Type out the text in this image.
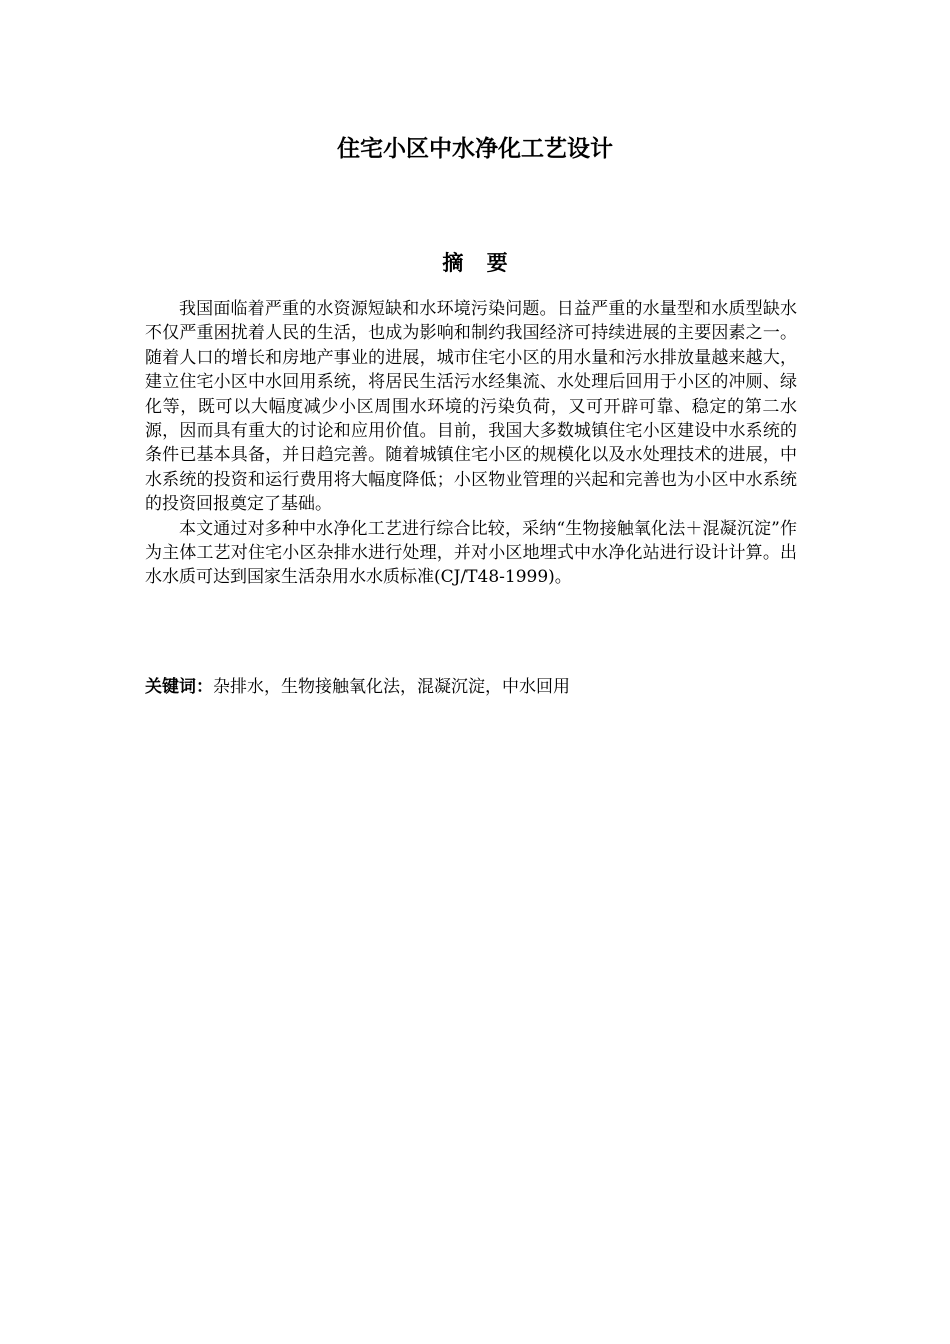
住宅小区中水净化工艺设计
摘 要

我国面临着严重的水资源短缺和水环境污染问题。日益严重的水量型和水质型缺水不仅严重困扰着人民的生活，也成为影响和制约我国经济可持续进展的主要因素之一。随着人口的增长和房地产事业的进展，城市住宅小区的用水量和污水排放量越来越大，建立住宅小区中水回用系统，将居民生活污水经集流、水处理后回用于小区的冲厕、绿化等，既可以大幅度减少小区周围水环境的污染负荷，又可开辟可靠、稳定的第二水源，因而具有重大的讨论和应用价值。目前，我国大多数城镇住宅小区建设中水系统的条件已基本具备，并日趋完善。随着城镇住宅小区的规模化以及水处理技术的进展，中水系统的投资和运行费用将大幅度降低；小区物业管理的兴起和完善也为小区中水系统的投资回报奠定了基础。

本文通过对多种中水净化工艺进行综合比较，采纳“生物接触氧化法＋混凝沉淀”作为主体工艺对住宅小区杂排水进行处理，并对小区地埋式中水净化站进行设计计算。出水水质可达到国家生活杂用水水质标准(CJ/T48-1999)。

关键词：杂排水，生物接触氧化法，混凝沉淀，中水回用
